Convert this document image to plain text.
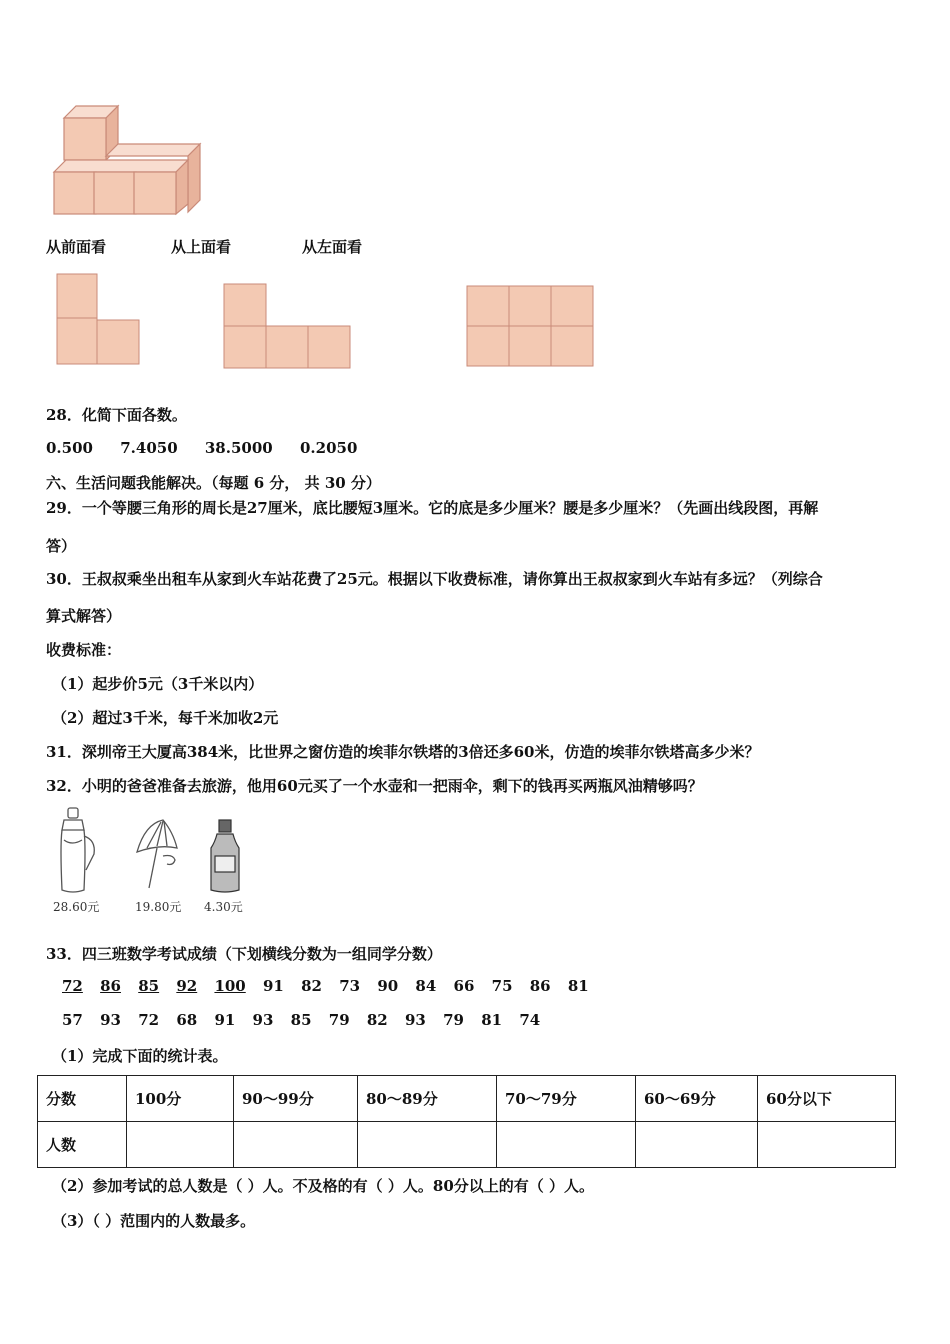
从前面看	从上面看	从左面看
28．化简下面各数。
0.500 7.4050 38.5000 0.2050
六、生活问题我能解决。（每题 6 分， 共 30 分）
29．一个等腰三角形的周长是27厘米，底比腰短3厘米。它的底是多少厘米？腰是多少厘米？（先画出线段图，再解
答）
30．王叔叔乘坐出租车从家到火车站花费了25元。根据以下收费标准，请你算出王叔叔家到火车站有多远？（列综合
算式解答）
收费标准：
（1）起步价5元（3千米以内）
（2）超过3千米，每千米加收2元
31．深圳帝王大厦高384米，比世界之窗仿造的埃菲尔铁塔的3倍还多60米，仿造的埃菲尔铁塔高多少米？
32．小明的爸爸准备去旅游，他用60元买了一个水壶和一把雨伞，剩下的钱再买两瓶风油精够吗？
28.60元	19.80元 4.30元
33．四三班数学考试成绩（下划横线分数为一组同学分数）
72 86 85 92 100 91 82 73 90 84 66 75 86 81
57 93 72 68 91 93 85 79 82 93 79 81 74
（1）完成下面的统计表。
分数	100分	90～99分	80～89分	70～79分	60～69分	60分以下
人数						
（2）参加考试的总人数是（ ）人。不及格的有（ ）人。80分以上的有（ ）人。
（3）（ ）范围内的人数最多。
